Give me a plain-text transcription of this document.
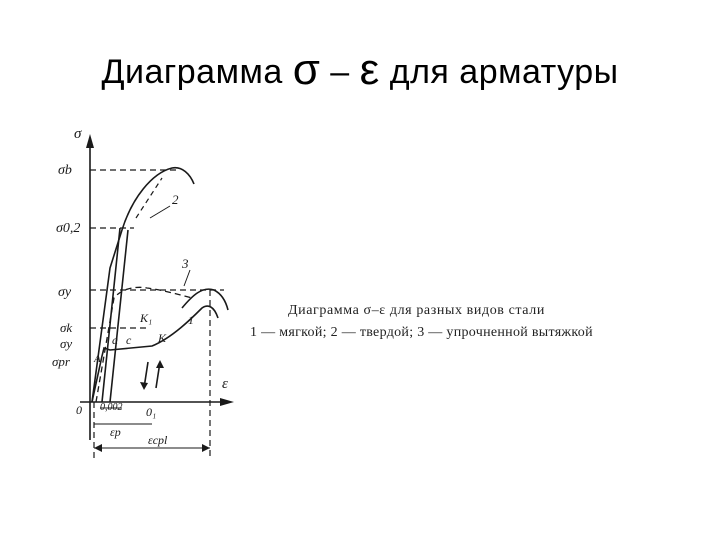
Диаграмма σ – ε для арматуры
σ
ε
σb
σ0,2
σy
σk
σy
σpr
1
2
3
a c K
K₁
A
0	0₁
0,002
εp
εcpl
Диаграмма σ–ε для разных видов стали
1 — мягкой; 2 — твердой; 3 — упрочненной вытяжкой
